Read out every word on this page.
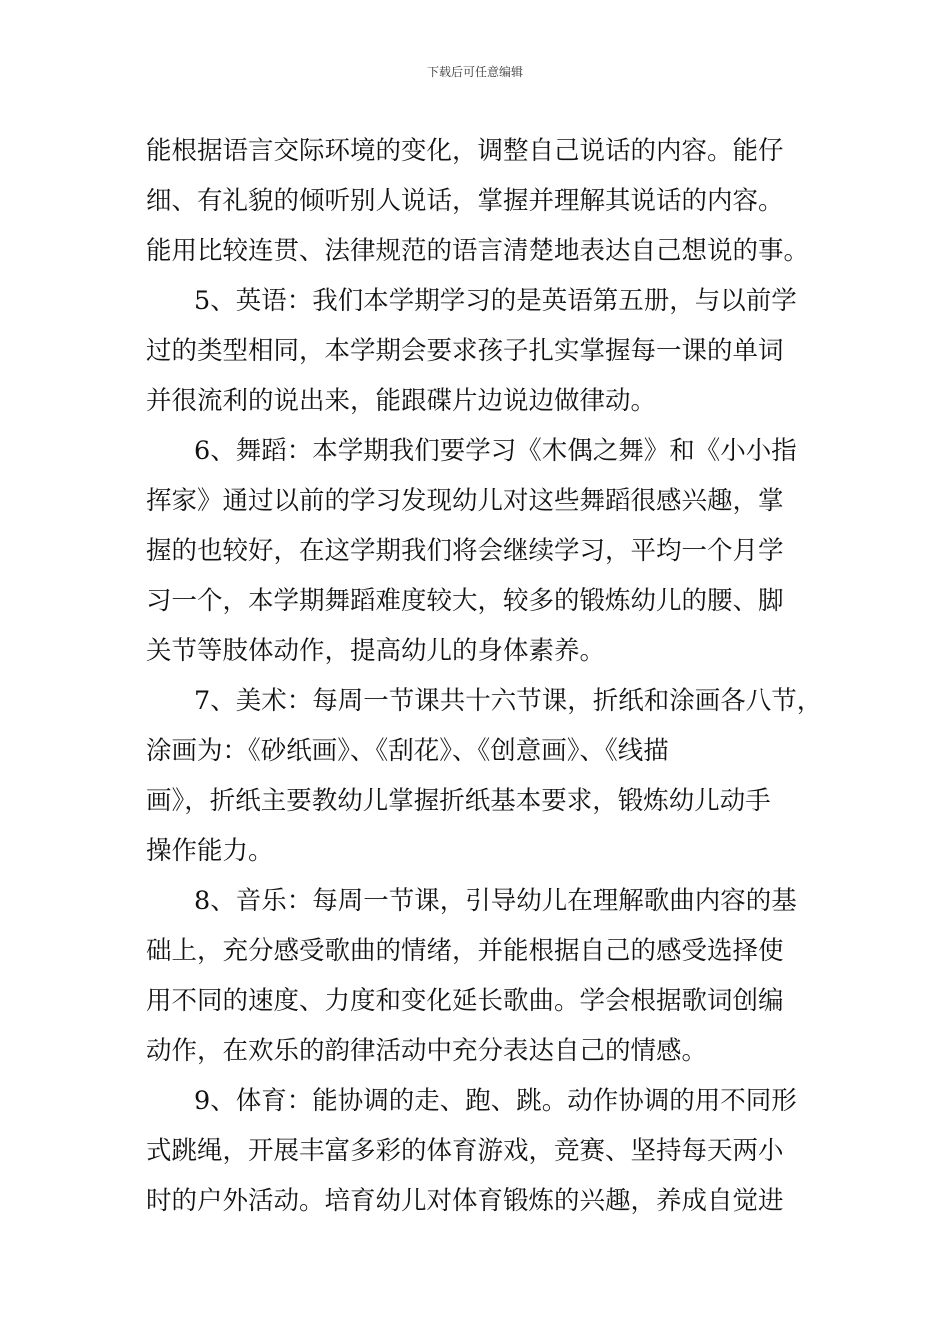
下载后可任意编辑
能根据语言交际环境的变化，调整自己说话的内容。能仔
细、有礼貌的倾听别人说话，掌握并理解其说话的内容。
能用比较连贯、法律规范的语言清楚地表达自己想说的事。
5、英语：我们本学期学习的是英语第五册，与以前学
过的类型相同，本学期会要求孩子扎实掌握每一课的单词
并很流利的说出来，能跟碟片边说边做律动。
6、舞蹈：本学期我们要学习《木偶之舞》和《小小指
挥家》通过以前的学习发现幼儿对这些舞蹈很感兴趣，掌
握的也较好，在这学期我们将会继续学习，平均一个月学
习一个，本学期舞蹈难度较大，较多的锻炼幼儿的腰、脚
关节等肢体动作，提高幼儿的身体素养。
7、美术：每周一节课共十六节课，折纸和涂画各八节，
涂画为：《砂纸画》、《刮花》、《创意画》、《线描
画》，折纸主要教幼儿掌握折纸基本要求，锻炼幼儿动手
操作能力。
8、音乐：每周一节课，引导幼儿在理解歌曲内容的基
础上，充分感受歌曲的情绪，并能根据自己的感受选择使
用不同的速度、力度和变化延长歌曲。学会根据歌词创编
动作，在欢乐的韵律活动中充分表达自己的情感。
9、体育：能协调的走、跑、跳。动作协调的用不同形
式跳绳，开展丰富多彩的体育游戏，竞赛、坚持每天两小
时的户外活动。培育幼儿对体育锻炼的兴趣，养成自觉进
